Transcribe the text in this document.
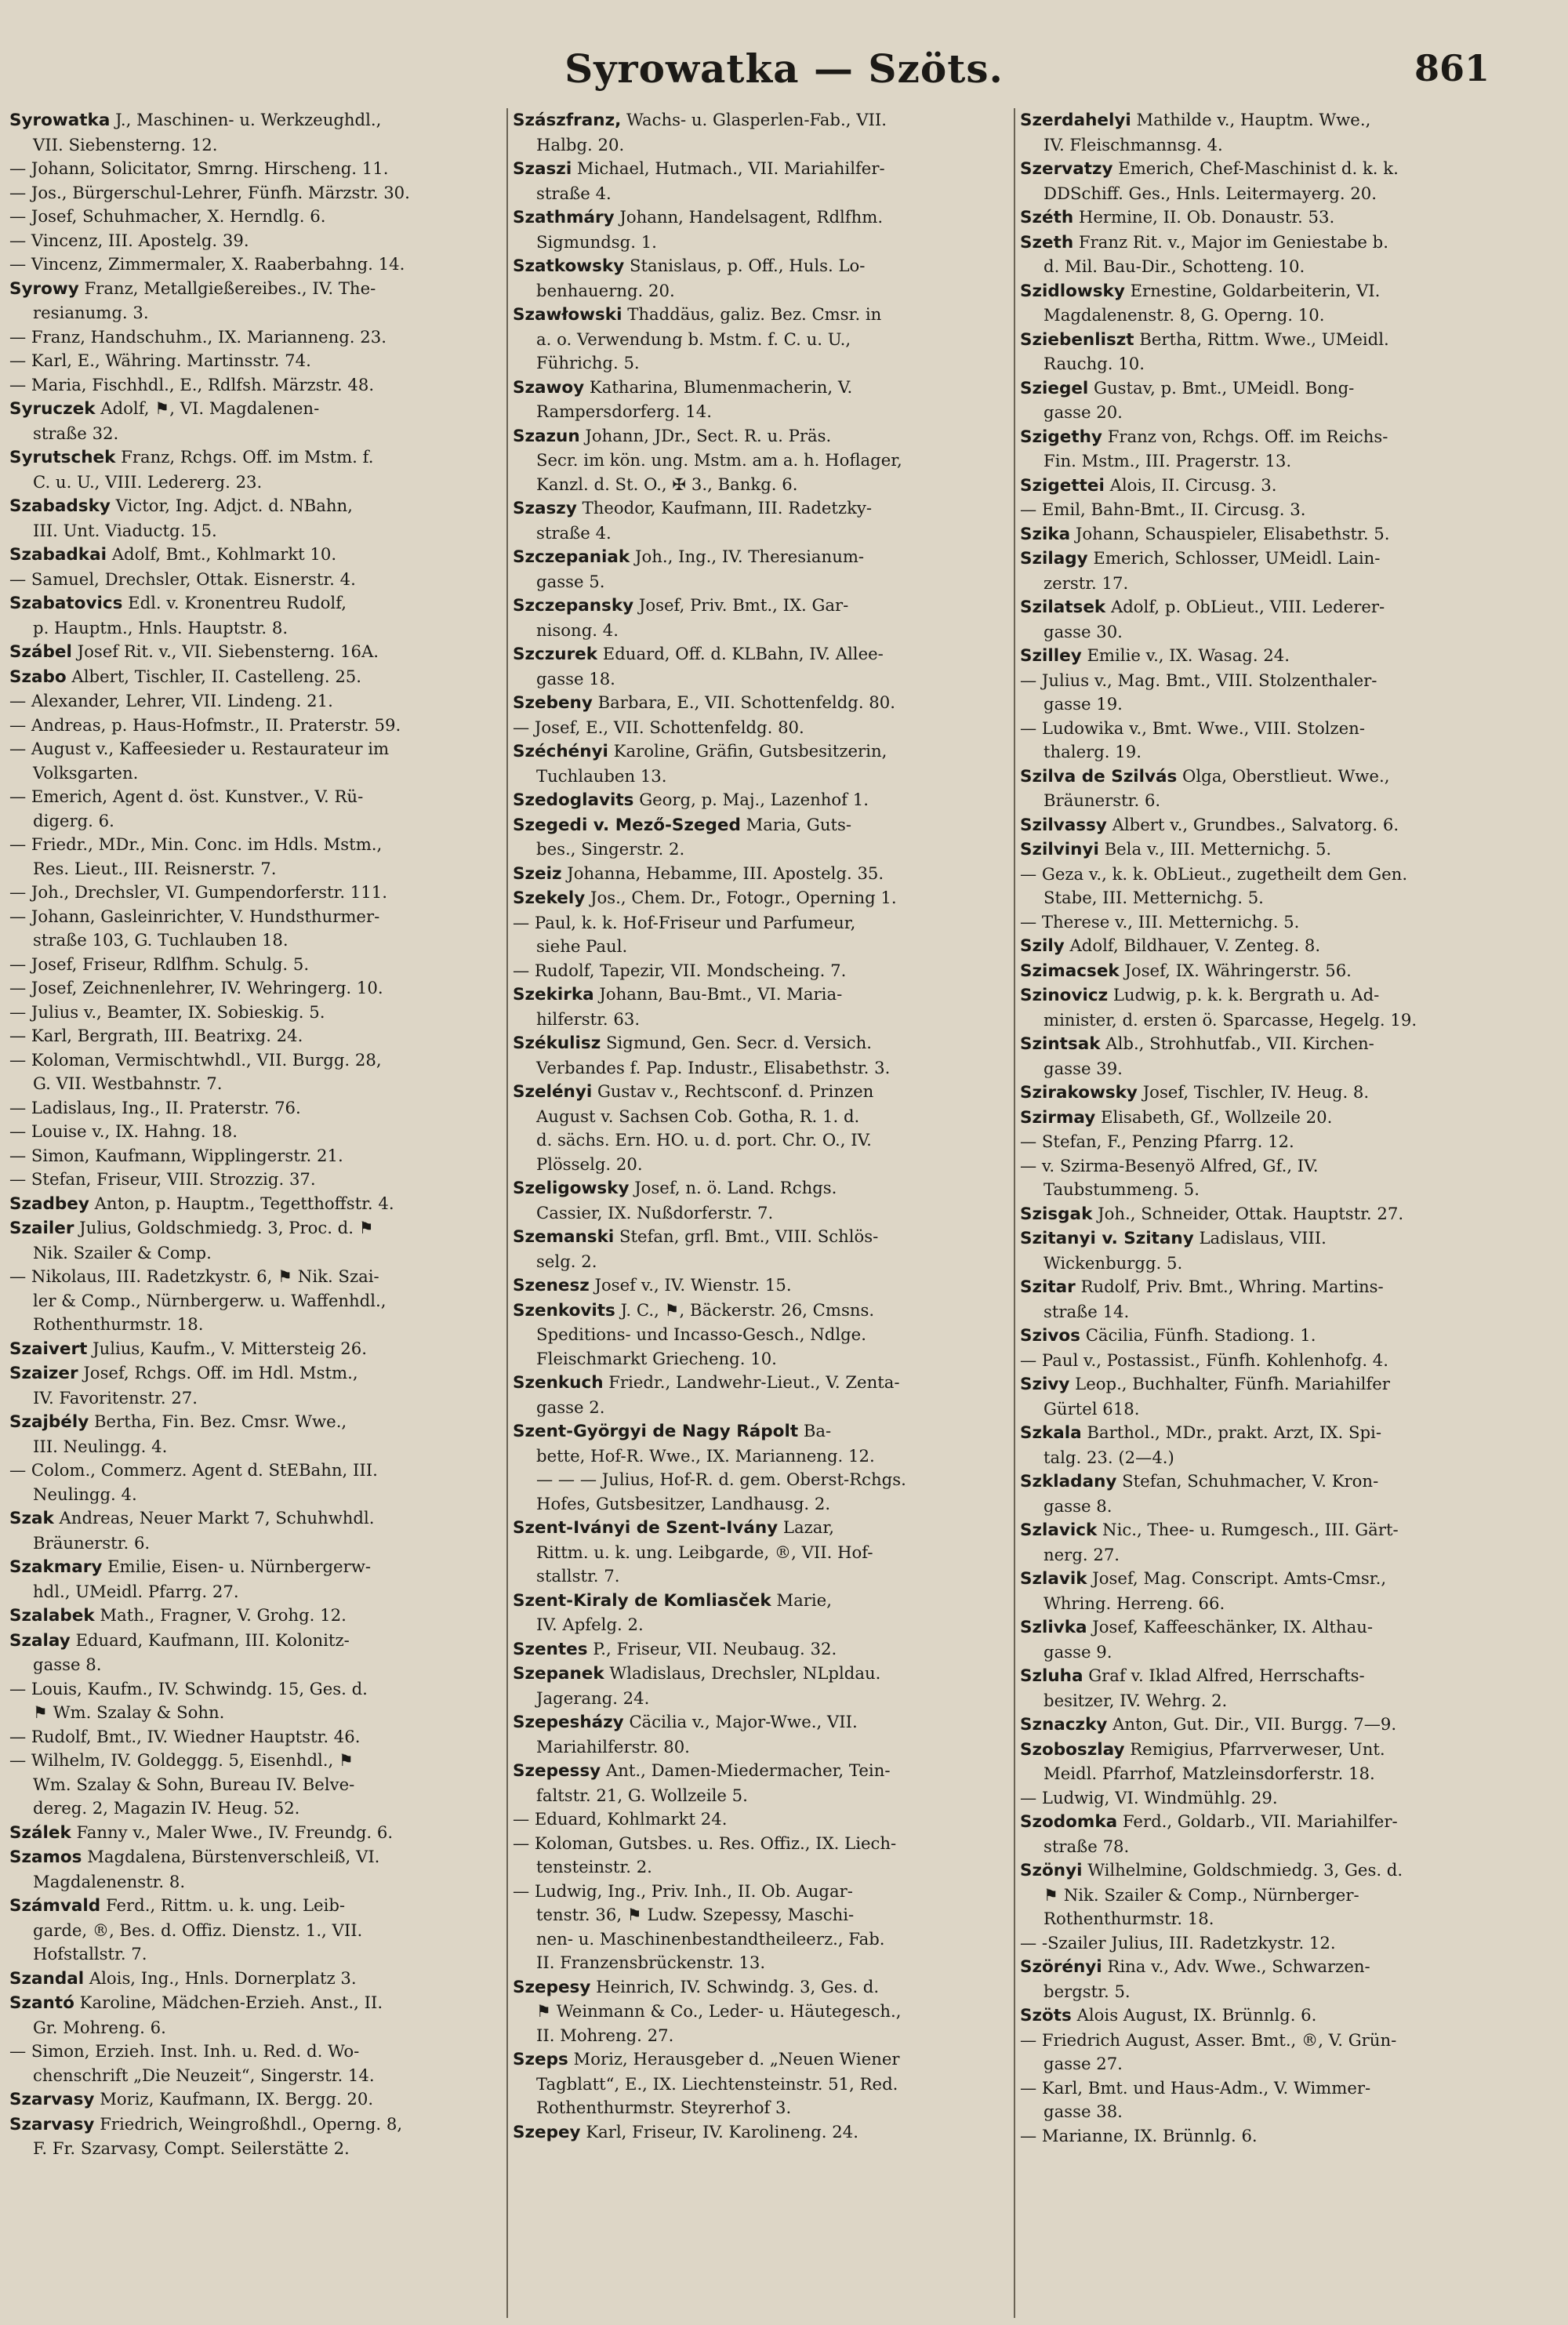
Syrowatka — Szöts.	861
Syrowatka J., Maschinen- u. Werkzeughdl.,
VII. Siebensterng. 12.
— Johann, Solicitator, Smrng. Hirscheng. 11.
— Jos., Bürgerschul-Lehrer, Fünfh. Märzstr. 30.
— Josef, Schuhmacher, X. Herndlg. 6.
— Vincenz, III. Apostelg. 39.
— Vincenz, Zimmermaler, X. Raaberbahng. 14.
Syrowy Franz, Metallgießereibes., IV. The-
resianumg. 3.
— Franz, Handschuhm., IX. Marianneng. 23.
— Karl, E., Währing. Martinsstr. 74.
— Maria, Fischhdl., E., Rdlfsh. Märzstr. 48.
Syruczek Adolf, ⚑, VI. Magdalenen-
straße 32.
Syrutschek Franz, Rchgs. Off. im Mstm. f.
C. u. U., VIII. Ledererg. 23.
Szabadsky Victor, Ing. Adjct. d. NBahn,
III. Unt. Viaductg. 15.
Szabadkai Adolf, Bmt., Kohlmarkt 10.
— Samuel, Drechsler, Ottak. Eisnerstr. 4.
Szabatovics Edl. v. Kronentreu Rudolf,
p. Hauptm., Hnls. Hauptstr. 8.
Szábel Josef Rit. v., VII. Siebensterng. 16A.
Szabo Albert, Tischler, II. Castelleng. 25.
— Alexander, Lehrer, VII. Lindeng. 21.
— Andreas, p. Haus-Hofmstr., II. Praterstr. 59.
— August v., Kaffeesieder u. Restaurateur im
Volksgarten.
— Emerich, Agent d. öst. Kunstver., V. Rü-
digerg. 6.
— Friedr., MDr., Min. Conc. im Hdls. Mstm.,
Res. Lieut., III. Reisnerstr. 7.
— Joh., Drechsler, VI. Gumpendorferstr. 111.
— Johann, Gasleinrichter, V. Hundsthurmer-
straße 103, G. Tuchlauben 18.
— Josef, Friseur, Rdlfhm. Schulg. 5.
— Josef, Zeichnenlehrer, IV. Wehringerg. 10.
— Julius v., Beamter, IX. Sobieskig. 5.
— Karl, Bergrath, III. Beatrixg. 24.
— Koloman, Vermischtwhdl., VII. Burgg. 28,
G. VII. Westbahnstr. 7.
— Ladislaus, Ing., II. Praterstr. 76.
— Louise v., IX. Hahng. 18.
— Simon, Kaufmann, Wipplingerstr. 21.
— Stefan, Friseur, VIII. Strozzig. 37.
Szadbey Anton, p. Hauptm., Tegetthoffstr. 4.
Szailer Julius, Goldschmiedg. 3, Proc. d. ⚑
Nik. Szailer & Comp.
— Nikolaus, III. Radetzkystr. 6, ⚑ Nik. Szai-
ler & Comp., Nürnbergerw. u. Waffenhdl.,
Rothenthurmstr. 18.
Szaivert Julius, Kaufm., V. Mittersteig 26.
Szaizer Josef, Rchgs. Off. im Hdl. Mstm.,
IV. Favoritenstr. 27.
Szajbély Bertha, Fin. Bez. Cmsr. Wwe.,
III. Neulingg. 4.
— Colom., Commerz. Agent d. StEBahn, III.
Neulingg. 4.
Szak Andreas, Neuer Markt 7, Schuhwhdl.
Bräunerstr. 6.
Szakmary Emilie, Eisen- u. Nürnbergerw-
hdl., UMeidl. Pfarrg. 27.
Szalabek Math., Fragner, V. Grohg. 12.
Szalay Eduard, Kaufmann, III. Kolonitz-
gasse 8.
— Louis, Kaufm., IV. Schwindg. 15, Ges. d.
⚑ Wm. Szalay & Sohn.
— Rudolf, Bmt., IV. Wiedner Hauptstr. 46.
— Wilhelm, IV. Goldeggg. 5, Eisenhdl., ⚑
Wm. Szalay & Sohn, Bureau IV. Belve-
dereg. 2, Magazin IV. Heug. 52.
Szálek Fanny v., Maler Wwe., IV. Freundg. 6.
Szamos Magdalena, Bürstenverschleiß, VI.
Magdalenenstr. 8.
Számvald Ferd., Rittm. u. k. ung. Leib-
garde, ®, Bes. d. Offiz. Dienstz. 1., VII.
Hofstallstr. 7.
Szandal Alois, Ing., Hnls. Dornerplatz 3.
Szantó Karoline, Mädchen-Erzieh. Anst., II.
Gr. Mohreng. 6.
— Simon, Erzieh. Inst. Inh. u. Red. d. Wo-
chenschrift „Die Neuzeit“, Singerstr. 14.
Szarvasy Moriz, Kaufmann, IX. Bergg. 20.
Szarvasy Friedrich, Weingroßhdl., Operng. 8,
F. Fr. Szarvasy, Compt. Seilerstätte 2.
Szászfranz, Wachs- u. Glasperlen-Fab., VII.
Halbg. 20.
Szaszi Michael, Hutmach., VII. Mariahilfer-
straße 4.
Szathmáry Johann, Handelsagent, Rdlfhm.
Sigmundsg. 1.
Szatkowsky Stanislaus, p. Off., Huls. Lo-
benhauerng. 20.
Szawłowski Thaddäus, galiz. Bez. Cmsr. in
a. o. Verwendung b. Mstm. f. C. u. U.,
Führichg. 5.
Szawoy Katharina, Blumenmacherin, V.
Rampersdorferg. 14.
Szazun Johann, JDr., Sect. R. u. Präs.
Secr. im kön. ung. Mstm. am a. h. Hoflager,
Kanzl. d. St. O., ✠ 3., Bankg. 6.
Szaszy Theodor, Kaufmann, III. Radetzky-
straße 4.
Szczepaniak Joh., Ing., IV. Theresianum-
gasse 5.
Szczepansky Josef, Priv. Bmt., IX. Gar-
nisong. 4.
Szczurek Eduard, Off. d. KLBahn, IV. Allee-
gasse 18.
Szebeny Barbara, E., VII. Schottenfeldg. 80.
— Josef, E., VII. Schottenfeldg. 80.
Széchényi Karoline, Gräfin, Gutsbesitzerin,
Tuchlauben 13.
Szedoglavits Georg, p. Maj., Lazenhof 1.
Szegedi v. Mező-Szeged Maria, Guts-
bes., Singerstr. 2.
Szeiz Johanna, Hebamme, III. Apostelg. 35.
Szekely Jos., Chem. Dr., Fotogr., Operning 1.
— Paul, k. k. Hof-Friseur und Parfumeur,
siehe Paul.
— Rudolf, Tapezir, VII. Mondscheing. 7.
Szekirka Johann, Bau-Bmt., VI. Maria-
hilferstr. 63.
Székulisz Sigmund, Gen. Secr. d. Versich.
Verbandes f. Pap. Industr., Elisabethstr. 3.
Szelényi Gustav v., Rechtsconf. d. Prinzen
August v. Sachsen Cob. Gotha, R. 1. d.
d. sächs. Ern. HO. u. d. port. Chr. O., IV.
Plösselg. 20.
Szeligowsky Josef, n. ö. Land. Rchgs.
Cassier, IX. Nußdorferstr. 7.
Szemanski Stefan, grfl. Bmt., VIII. Schlös-
selg. 2.
Szenesz Josef v., IV. Wienstr. 15.
Szenkovits J. C., ⚑, Bäckerstr. 26, Cmsns.
Speditions- und Incasso-Gesch., Ndlge.
Fleischmarkt Griecheng. 10.
Szenkuch Friedr., Landwehr-Lieut., V. Zenta-
gasse 2.
Szent-Györgyi de Nagy Rápolt Ba-
bette, Hof-R. Wwe., IX. Marianneng. 12.
— — — Julius, Hof-R. d. gem. Oberst-Rchgs.
Hofes, Gutsbesitzer, Landhausg. 2.
Szent-Iványi de Szent-Ivány Lazar,
Rittm. u. k. ung. Leibgarde, ®, VII. Hof-
stallstr. 7.
Szent-Kiraly de Komliasček Marie,
IV. Apfelg. 2.
Szentes P., Friseur, VII. Neubaug. 32.
Szepanek Wladislaus, Drechsler, NLpldau.
Jagerang. 24.
Szepesházy Cäcilia v., Major-Wwe., VII.
Mariahilferstr. 80.
Szepessy Ant., Damen-Miedermacher, Tein-
faltstr. 21, G. Wollzeile 5.
— Eduard, Kohlmarkt 24.
— Koloman, Gutsbes. u. Res. Offiz., IX. Liech-
tensteinstr. 2.
— Ludwig, Ing., Priv. Inh., II. Ob. Augar-
tenstr. 36, ⚑ Ludw. Szepessy, Maschi-
nen- u. Maschinenbestandtheileerz., Fab.
II. Franzensbrückenstr. 13.
Szepesy Heinrich, IV. Schwindg. 3, Ges. d.
⚑ Weinmann & Co., Leder- u. Häutegesch.,
II. Mohreng. 27.
Szeps Moriz, Herausgeber d. „Neuen Wiener
Tagblatt“, E., IX. Liechtensteinstr. 51, Red.
Rothenthurmstr. Steyrerhof 3.
Szepey Karl, Friseur, IV. Karolineng. 24.
Szerdahelyi Mathilde v., Hauptm. Wwe.,
IV. Fleischmannsg. 4.
Szervatzy Emerich, Chef-Maschinist d. k. k.
DDSchiff. Ges., Hnls. Leitermayerg. 20.
Széth Hermine, II. Ob. Donaustr. 53.
Szeth Franz Rit. v., Major im Geniestabe b.
d. Mil. Bau-Dir., Schotteng. 10.
Szidlowsky Ernestine, Goldarbeiterin, VI.
Magdalenenstr. 8, G. Operng. 10.
Sziebenliszt Bertha, Rittm. Wwe., UMeidl.
Rauchg. 10.
Sziegel Gustav, p. Bmt., UMeidl. Bong-
gasse 20.
Szigethy Franz von, Rchgs. Off. im Reichs-
Fin. Mstm., III. Pragerstr. 13.
Szigettei Alois, II. Circusg. 3.
— Emil, Bahn-Bmt., II. Circusg. 3.
Szika Johann, Schauspieler, Elisabethstr. 5.
Szilagy Emerich, Schlosser, UMeidl. Lain-
zerstr. 17.
Szilatsek Adolf, p. ObLieut., VIII. Lederer-
gasse 30.
Szilley Emilie v., IX. Wasag. 24.
— Julius v., Mag. Bmt., VIII. Stolzenthaler-
gasse 19.
— Ludowika v., Bmt. Wwe., VIII. Stolzen-
thalerg. 19.
Szilva de Szilvás Olga, Oberstlieut. Wwe.,
Bräunerstr. 6.
Szilvassy Albert v., Grundbes., Salvatorg. 6.
Szilvinyi Bela v., III. Metternichg. 5.
— Geza v., k. k. ObLieut., zugetheilt dem Gen.
Stabe, III. Metternichg. 5.
— Therese v., III. Metternichg. 5.
Szily Adolf, Bildhauer, V. Zenteg. 8.
Szimacsek Josef, IX. Währingerstr. 56.
Szinovicz Ludwig, p. k. k. Bergrath u. Ad-
minister, d. ersten ö. Sparcasse, Hegelg. 19.
Szintsak Alb., Strohhutfab., VII. Kirchen-
gasse 39.
Szirakowsky Josef, Tischler, IV. Heug. 8.
Szirmay Elisabeth, Gf., Wollzeile 20.
— Stefan, F., Penzing Pfarrg. 12.
— v. Szirma-Besenyö Alfred, Gf., IV.
Taubstummeng. 5.
Szisgak Joh., Schneider, Ottak. Hauptstr. 27.
Szitanyi v. Szitany Ladislaus, VIII.
Wickenburgg. 5.
Szitar Rudolf, Priv. Bmt., Whring. Martins-
straße 14.
Szivos Cäcilia, Fünfh. Stadiong. 1.
— Paul v., Postassist., Fünfh. Kohlenhofg. 4.
Szivy Leop., Buchhalter, Fünfh. Mariahilfer
Gürtel 618.
Szkala Barthol., MDr., prakt. Arzt, IX. Spi-
talg. 23. (2—4.)
Szkladany Stefan, Schuhmacher, V. Kron-
gasse 8.
Szlavick Nic., Thee- u. Rumgesch., III. Gärt-
nerg. 27.
Szlavik Josef, Mag. Conscript. Amts-Cmsr.,
Whring. Herreng. 66.
Szlivka Josef, Kaffeeschänker, IX. Althau-
gasse 9.
Szluha Graf v. Iklad Alfred, Herrschafts-
besitzer, IV. Wehrg. 2.
Sznaczky Anton, Gut. Dir., VII. Burgg. 7—9.
Szoboszlay Remigius, Pfarrverweser, Unt.
Meidl. Pfarrhof, Matzleinsdorferstr. 18.
— Ludwig, VI. Windmühlg. 29.
Szodomka Ferd., Goldarb., VII. Mariahilfer-
straße 78.
Szönyi Wilhelmine, Goldschmiedg. 3, Ges. d.
⚑ Nik. Szailer & Comp., Nürnberger-
Rothenthurmstr. 18.
— -Szailer Julius, III. Radetzkystr. 12.
Szörényi Rina v., Adv. Wwe., Schwarzen-
bergstr. 5.
Szöts Alois August, IX. Brünnlg. 6.
— Friedrich August, Asser. Bmt., ®, V. Grün-
gasse 27.
— Karl, Bmt. und Haus-Adm., V. Wimmer-
gasse 38.
— Marianne, IX. Brünnlg. 6.
